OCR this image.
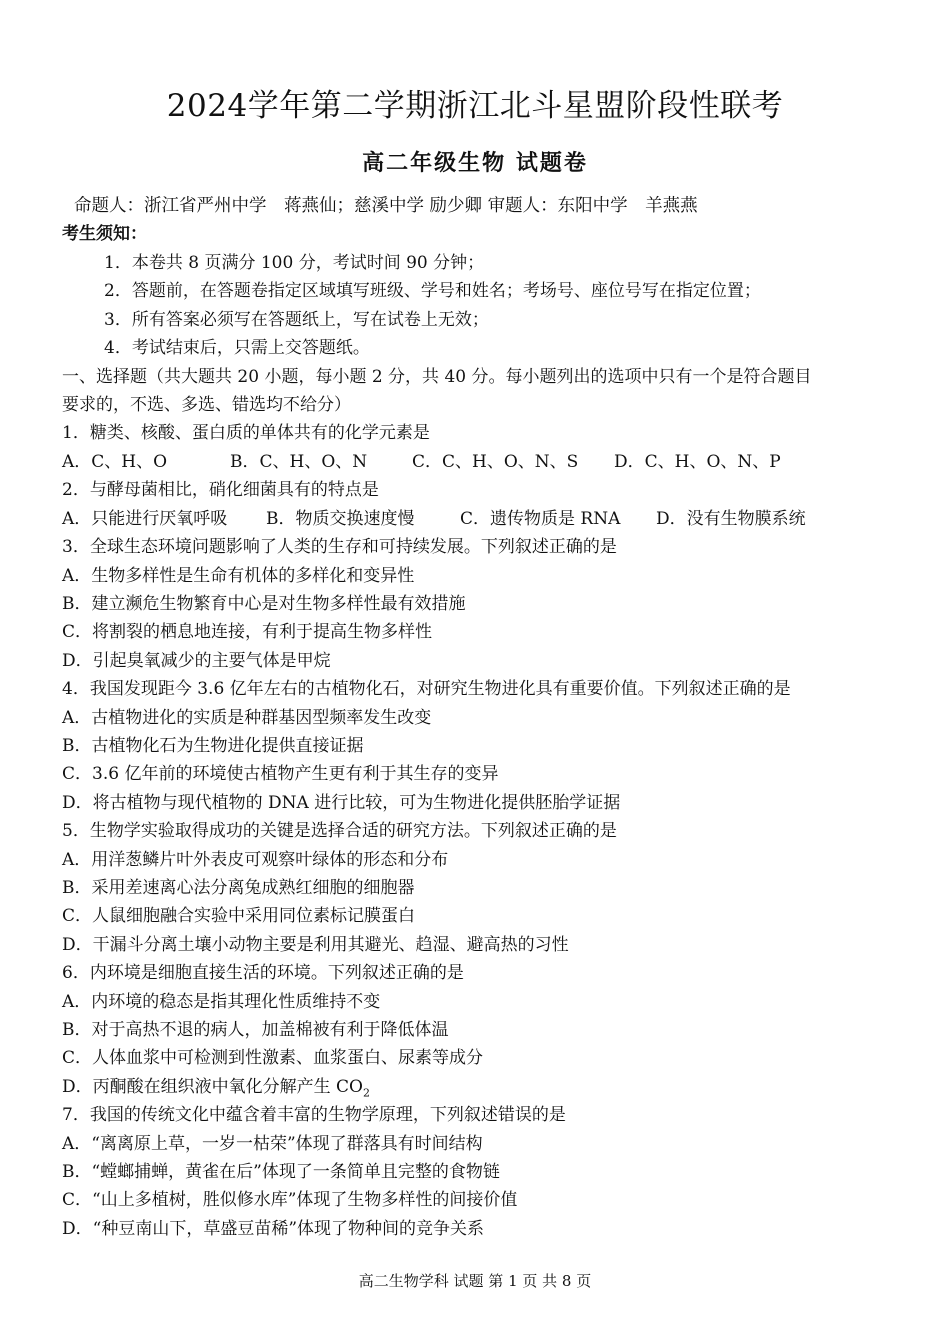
2024学年第二学期浙江北斗星盟阶段性联考
高二年级生物 试题卷
命题人：浙江省严州中学　蒋燕仙；慈溪中学 励少卿 审题人：东阳中学　羊燕燕
考生须知：
1．本卷共 8 页满分 100 分，考试时间 90 分钟；
2．答题前，在答题卷指定区域填写班级、学号和姓名；考场号、座位号写在指定位置；
3．所有答案必须写在答题纸上，写在试卷上无效；
4．考试结束后，只需上交答题纸。
一、选择题（共大题共 20 小题，每小题 2 分，共 40 分。每小题列出的选项中只有一个是符合题目
要求的，不选、多选、错选均不给分）
1．糖类、核酸、蛋白质的单体共有的化学元素是
A．C、H、O	B．C、H、O、N	C．C、H、O、N、S D．C、H、O、N、P
2．与酵母菌相比，硝化细菌具有的特点是
A．只能进行厌氧呼吸 B．物质交换速度慢	C．遗传物质是 RNA D．没有生物膜系统
3．全球生态环境问题影响了人类的生存和可持续发展。下列叙述正确的是
A．生物多样性是生命有机体的多样化和变异性
B．建立濒危生物繁育中心是对生物多样性最有效措施
C．将割裂的栖息地连接，有利于提高生物多样性
D．引起臭氧减少的主要气体是甲烷
4．我国发现距今 3.6 亿年左右的古植物化石，对研究生物进化具有重要价值。下列叙述正确的是
A．古植物进化的实质是种群基因型频率发生改变
B．古植物化石为生物进化提供直接证据
C．3.6 亿年前的环境使古植物产生更有利于其生存的变异
D．将古植物与现代植物的 DNA 进行比较，可为生物进化提供胚胎学证据
5．生物学实验取得成功的关键是选择合适的研究方法。下列叙述正确的是
A．用洋葱鳞片叶外表皮可观察叶绿体的形态和分布
B．采用差速离心法分离兔成熟红细胞的细胞器
C．人鼠细胞融合实验中采用同位素标记膜蛋白
D．干漏斗分离土壤小动物主要是利用其避光、趋湿、避高热的习性
6．内环境是细胞直接生活的环境。下列叙述正确的是
A．内环境的稳态是指其理化性质维持不变
B．对于高热不退的病人，加盖棉被有利于降低体温
C．人体血浆中可检测到性激素、血浆蛋白、尿素等成分
D．丙酮酸在组织液中氧化分解产生 $CO_2$
7．我国的传统文化中蕴含着丰富的生物学原理，下列叙述错误的是
A．“离离原上草，一岁一枯荣”体现了群落具有时间结构
B．“螳螂捕蝉，黄雀在后”体现了一条简单且完整的食物链
C．“山上多植树，胜似修水库”体现了生物多样性的间接价值
D．“种豆南山下，草盛豆苗稀”体现了物种间的竞争关系
高二生物学科 试题 第 1 页 共 8 页
